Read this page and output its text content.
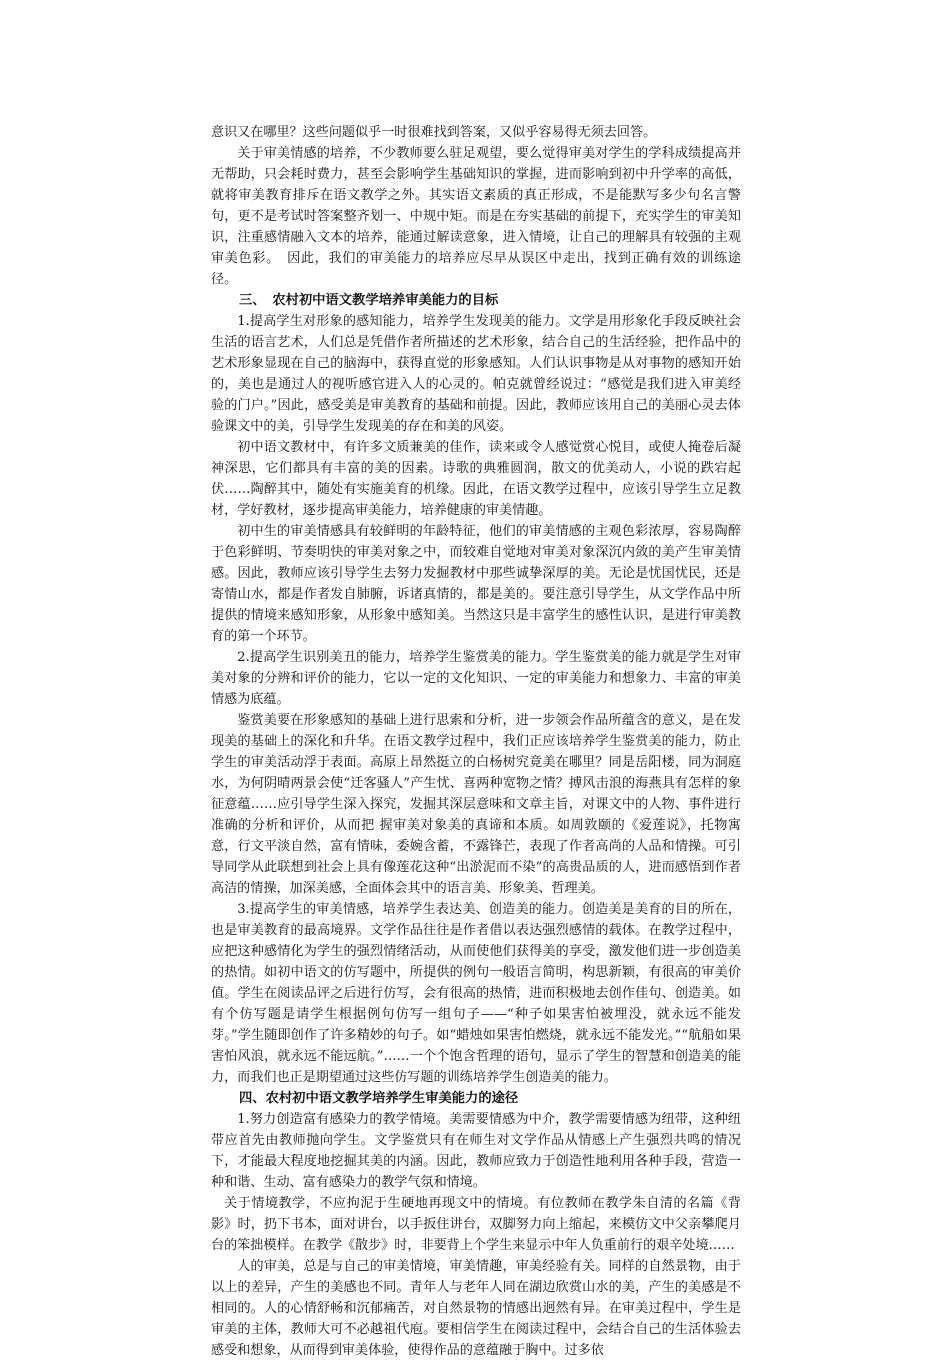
意识又在哪里？这些问题似乎一时很难找到答案，又似乎容易得无须去回答。

关于审美情感的培养，不少教师要么驻足观望，要么觉得审美对学生的学科成绩提高并无帮助，只会耗时费力，甚至会影响学生基础知识的掌握，进而影响到初中升学率的高低，就将审美教育排斥在语文教学之外。其实语文素质的真正形成，不是能默写多少句名言警句，更不是考试时答案整齐划一、中规中矩。而是在夯实基础的前提下，充实学生的审美知识，注重感情融入文本的培养，能通过解读意象，进入情境，让自己的理解具有较强的主观审美色彩。　因此，我们的审美能力的培养应尽早从误区中走出，找到正确有效的训练途径。

三、　农村初中语文教学培养审美能力的目标

1.提高学生对形象的感知能力，培养学生发现美的能力。文学是用形象化手段反映社会生活的语言艺术，人们总是凭借作者所描述的艺术形象，结合自己的生活经验，把作品中的艺术形象显现在自己的脑海中，获得直觉的形象感知。人们认识事物是从对事物的感知开始的，美也是通过人的视听感官进入人的心灵的。帕克就曾经说过：“感觉是我们进入审美经验的门户。”因此，感受美是审美教育的基础和前提。因此，教师应该用自己的美丽心灵去体验课文中的美，引导学生发现美的存在和美的风姿。

初中语文教材中，有许多文质兼美的佳作，读来或令人感觉赏心悦目，或使人掩卷后凝神深思，它们都具有丰富的美的因素。诗歌的典雅圆润，散文的优美动人，小说的跌宕起伏……陶醉其中，随处有实施美育的机缘。因此，在语文教学过程中，应该引导学生立足教材，学好教材，逐步提高审美能力，培养健康的审美情趣。

初中生的审美情感具有较鲜明的年龄特征，他们的审美情感的主观色彩浓厚，容易陶醉于色彩鲜明、节奏明快的审美对象之中，而较难自觉地对审美对象深沉内敛的美产生审美情感。因此，教师应该引导学生去努力发掘教材中那些诚挚深厚的美。无论是忧国忧民，还是寄情山水，都是作者发自肺腑，诉诸真情的，都是美的。要注意引导学生，从文学作品中所提供的情境来感知形象，从形象中感知美。当然这只是丰富学生的感性认识，是进行审美教育的第一个环节。

2.提高学生识别美丑的能力，培养学生鉴赏美的能力。学生鉴赏美的能力就是学生对审美对象的分辨和评价的能力，它以一定的文化知识、一定的审美能力和想象力、丰富的审美情感为底蕴。

鉴赏美要在形象感知的基础上进行思索和分析，进一步领会作品所蕴含的意义，是在发现美的基础上的深化和升华。在语文教学过程中，我们正应该培养学生鉴赏美的能力，防止学生的审美活动浮于表面。高原上昂然挺立的白杨树究竟美在哪里？同是岳阳楼，同为洞庭水，为何阴晴两景会使“迁客骚人”产生忧、喜两种宽物之情？搏风击浪的海燕具有怎样的象征意蕴……应引导学生深入探究，发掘其深层意味和文章主旨，对课文中的人物、事件进行准确的分析和评价，从而把 握审美对象美的真谛和本质。如周敦颐的《爱莲说》，托物寓意，行文平淡自然，富有情味，委婉含蓄，不露锋芒，表现了作者高尚的人品和情操。可引导同学从此联想到社会上具有像莲花这种“出淤泥而不染”的高贵品质的人，进而感悟到作者高洁的情操，加深美感，全面体会其中的语言美、形象美、哲理美。

3.提高学生的审美情感，培养学生表达美、创造美的能力。创造美是美育的目的所在，也是审美教育的最高境界。文学作品往往是作者借以表达强烈感情的载体。在教学过程中，应把这种感情化为学生的强烈情绪活动，从而使他们获得美的享受，激发他们进一步创造美的热情。如初中语文的仿写题中，所提供的例句一般语言简明，构思新颖，有很高的审美价值。学生在阅读品评之后进行仿写，会有很高的热情，进而积极地去创作佳句、创造美。如有个仿写题是请学生根据例句仿写一组句子——“种子如果害怕被埋没，就永远不能发芽。”学生随即创作了许多精妙的句子。如“蜡烛如果害怕燃烧，就永远不能发光。”“航船如果害怕风浪，就永远不能远航。”……一个个饱含哲理的语句，显示了学生的智慧和创造美的能力，而我们也正是期望通过这些仿写题的训练培养学生创造美的能力。

四、农村初中语文教学培养学生审美能力的途径

1.努力创造富有感染力的教学情境。美需要情感为中介，教学需要情感为纽带，这种纽带应首先由教师抛向学生。文学鉴赏只有在师生对文学作品从情感上产生强烈共鸣的情况下，才能最大程度地挖掘其美的内涵。因此，教师应致力于创造性地利用各种手段，营造一种和谐、生动、富有感染力的教学气氛和情境。

关于情境教学，不应拘泥于生硬地再现文中的情境。有位教师在教学朱自清的名篇《背影》时，扔下书本，面对讲台，以手扳住讲台，双脚努力向上缩起，来模仿文中父亲攀爬月台的笨拙模样。在教学《散步》时，非要背上个学生来显示中年人负重前行的艰辛处境……

人的审美，总是与自己的审美情境，审美情趣，审美经验有关。同样的自然景物，由于以上的差异，产生的美感也不同。青年人与老年人同在湖边欣赏山水的美，产生的美感是不相同的。人的心情舒畅和沉郁痛苦，对自然景物的情感出迥然有异。在审美过程中，学生是审美的主体，教师大可不必越祖代庖。要相信学生在阅读过程中，会结合自己的生活体验去感受和想象，从而得到审美体验，使得作品的意蕴融于胸中。过多依
